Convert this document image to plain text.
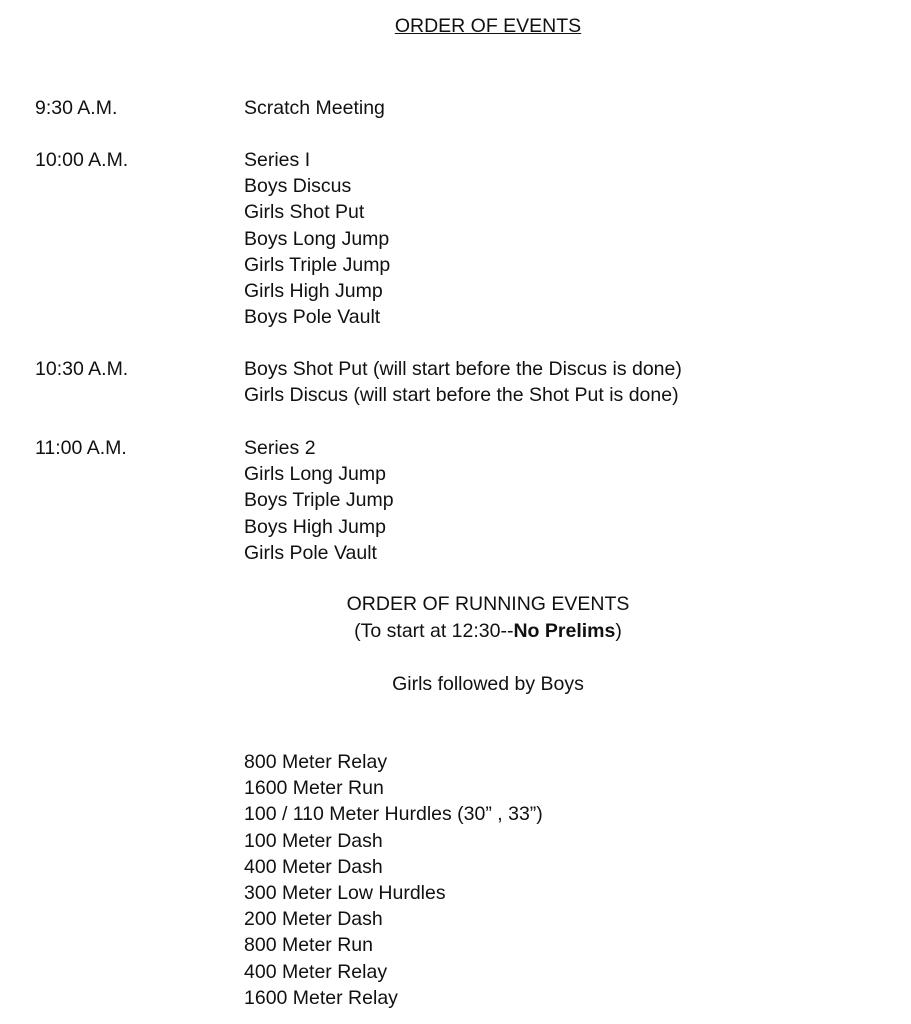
ORDER OF EVENTS
9:30 A.M.	Scratch Meeting
10:00 A.M.	Series I
Boys Discus
Girls Shot Put
Boys Long Jump
Girls Triple Jump
Girls High Jump
Boys Pole Vault
10:30 A.M.	Boys Shot Put (will start before the Discus is done)
Girls Discus (will start before the Shot Put is done)
11:00 A.M.	Series 2
Girls Long Jump
Boys Triple Jump
Boys High Jump
Girls Pole Vault
ORDER OF RUNNING EVENTS
(To start at 12:30--No Prelims)
Girls followed by Boys
800 Meter Relay
1600 Meter Run
100 / 110 Meter Hurdles (30” , 33”)
100 Meter Dash
400 Meter Dash
300 Meter Low Hurdles
200 Meter Dash
800 Meter Run
400 Meter Relay
1600 Meter Relay
